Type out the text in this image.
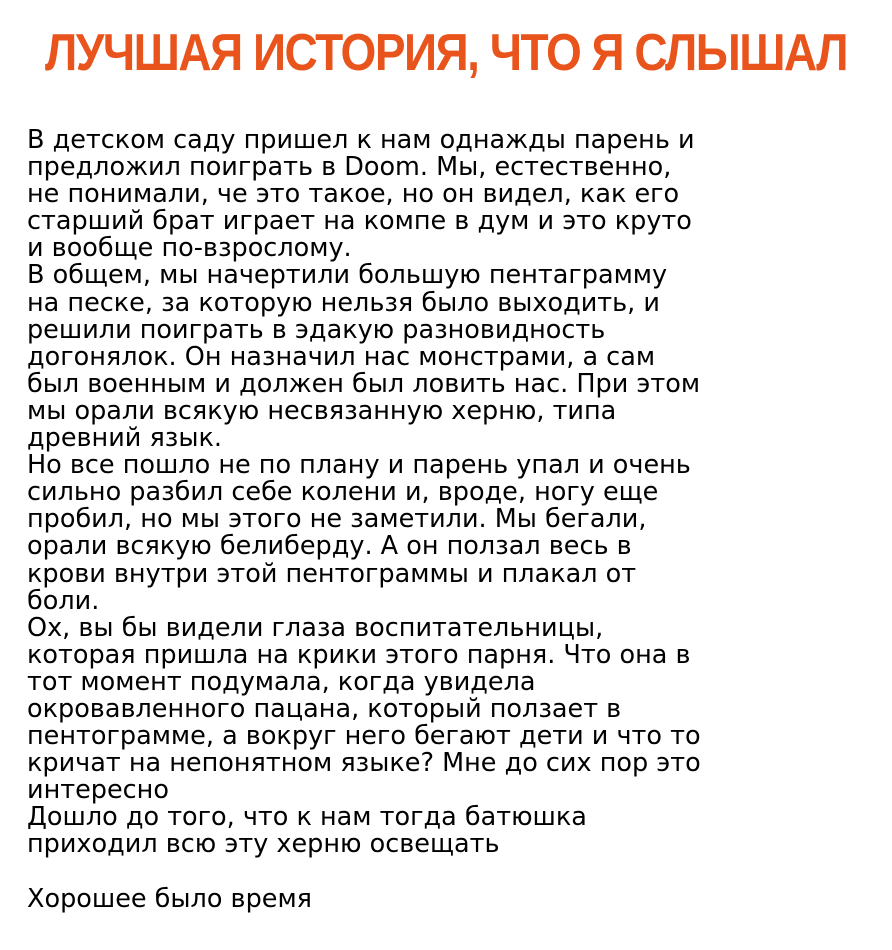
ЛУЧШАЯ ИСТОРИЯ, ЧТО Я СЛЫШАЛ
В детском саду пришел к нам однажды парень и
предложил поиграть в Doom. Мы, естественно,
не понимали, че это такое, но он видел, как его
старший брат играет на компе в дум и это круто
и вообще по-взрослому.
В общем, мы начертили большую пентаграмму
на песке, за которую нельзя было выходить, и
решили поиграть в эдакую разновидность
догонялок. Он назначил нас монстрами, а сам
был военным и должен был ловить нас. При этом
мы орали всякую несвязанную херню, типа
древний язык.
Но все пошло не по плану и парень упал и очень
сильно разбил себе колени и, вроде, ногу еще
пробил, но мы этого не заметили. Мы бегали,
орали всякую белиберду. А он ползал весь в
крови внутри этой пентограммы и плакал от
боли.
Ох, вы бы видели глаза воспитательницы,
которая пришла на крики этого парня. Что она в
тот момент подумала, когда увидела
окровавленного пацана, который ползает в
пентограмме, а вокруг него бегают дети и что то
кричат на непонятном языке? Мне до сих пор это
интересно
Дошло до того, что к нам тогда батюшка
приходил всю эту херню освещать
Хорошее было время
